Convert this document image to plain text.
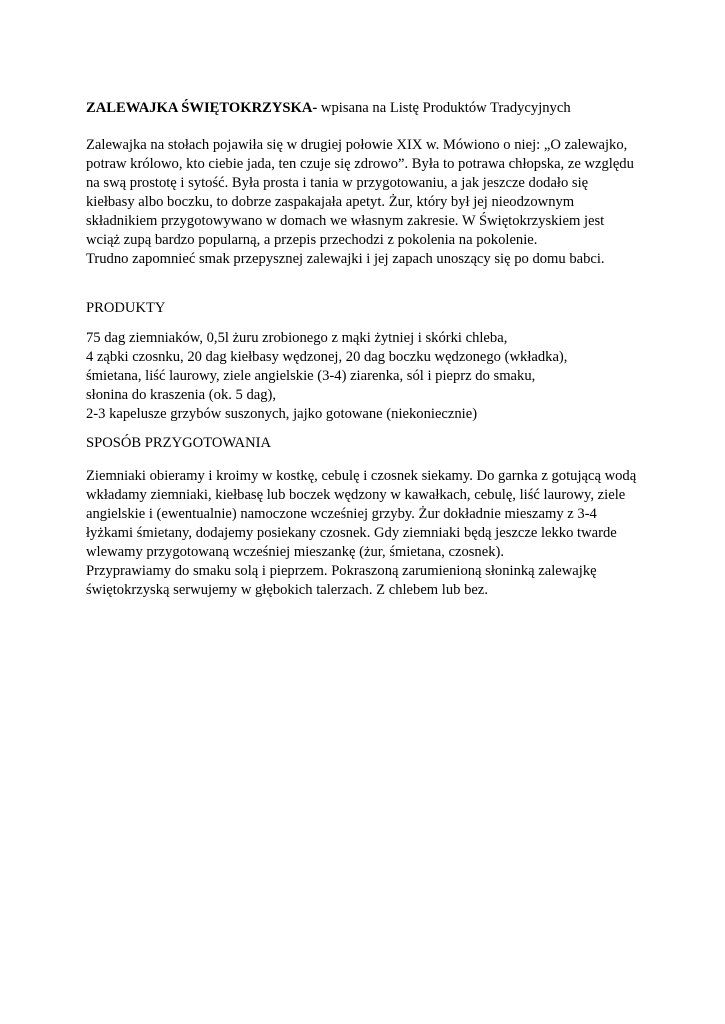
ZALEWAJKA ŚWIĘTOKRZYSKA- wpisana na Listę Produktów Tradycyjnych
Zalewajka na stołach pojawiła się w drugiej połowie XIX w. Mówiono o niej: „O zalewajko,
potraw królowo, kto ciebie jada, ten czuje się zdrowo”. Była to potrawa chłopska, ze względu
na swą prostotę i sytość. Była prosta i tania w przygotowaniu, a jak jeszcze dodało się
kiełbasy albo boczku, to dobrze zaspakajała apetyt. Żur, który był jej nieodzownym
składnikiem przygotowywano w domach we własnym zakresie. W Świętokrzyskiem jest
wciąż zupą bardzo popularną, a przepis przechodzi z pokolenia na pokolenie.
Trudno zapomnieć smak przepysznej zalewajki i jej zapach unoszący się po domu babci.
PRODUKTY
75 dag ziemniaków, 0,5l żuru zrobionego z mąki żytniej i skórki chleba,
4 ząbki czosnku, 20 dag kiełbasy wędzonej, 20 dag boczku wędzonego (wkładka),
śmietana, liść laurowy, ziele angielskie (3-4) ziarenka, sól i pieprz do smaku,
słonina do kraszenia (ok. 5 dag),
2-3 kapelusze grzybów suszonych, jajko gotowane (niekoniecznie)
SPOSÓB PRZYGOTOWANIA
Ziemniaki obieramy i kroimy w kostkę, cebulę i czosnek siekamy. Do garnka z gotującą wodą
wkładamy ziemniaki, kiełbasę lub boczek wędzony w kawałkach, cebulę, liść laurowy, ziele
angielskie i (ewentualnie) namoczone wcześniej grzyby. Żur dokładnie mieszamy z 3-4
łyżkami śmietany, dodajemy posiekany czosnek. Gdy ziemniaki będą jeszcze lekko twarde
wlewamy przygotowaną wcześniej mieszankę (żur, śmietana, czosnek).
Przyprawiamy do smaku solą i pieprzem. Pokraszoną zarumienioną słoninką zalewajkę
świętokrzyską serwujemy w głębokich talerzach. Z chlebem lub bez.
